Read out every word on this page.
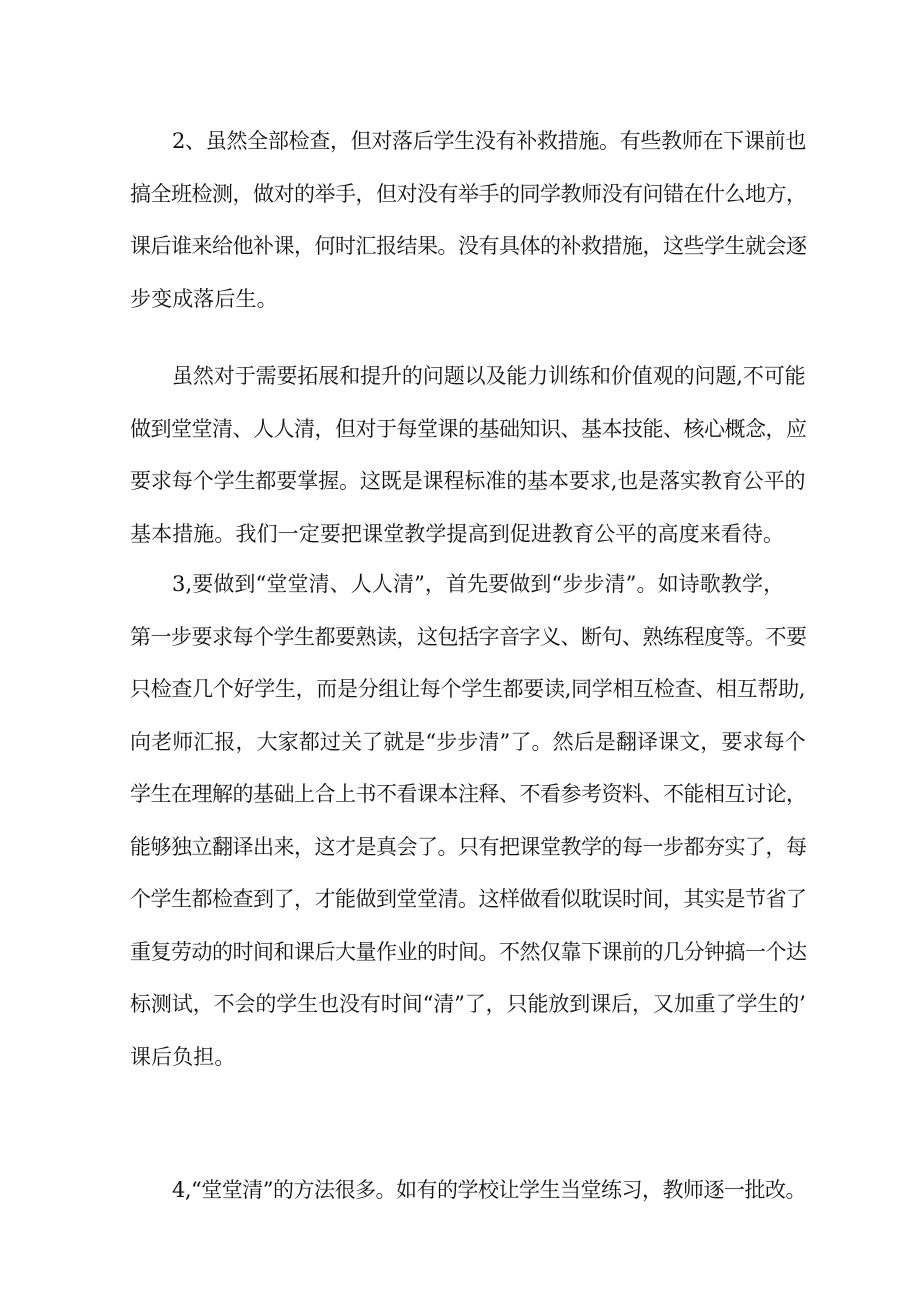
2、虽然全部检查，但对落后学生没有补救措施。有些教师在下课前也
搞全班检测，做对的举手，但对没有举手的同学教师没有问错在什么地方，
课后谁来给他补课，何时汇报结果。没有具体的补救措施，这些学生就会逐
步变成落后生。
虽然对于需要拓展和提升的问题以及能力训练和价值观的问题,不可能
做到堂堂清、人人清，但对于每堂课的基础知识、基本技能、核心概念，应
要求每个学生都要掌握。这既是课程标准的基本要求,也是落实教育公平的
基本措施。我们一定要把课堂教学提高到促进教育公平的高度来看待。
3,要做到“堂堂清、人人清”，首先要做到“步步清”。如诗歌教学，
第一步要求每个学生都要熟读，这包括字音字义、断句、熟练程度等。不要
只检查几个好学生，而是分组让每个学生都要读,同学相互检查、相互帮助,
向老师汇报，大家都过关了就是“步步清”了。然后是翻译课文，要求每个
学生在理解的基础上合上书不看课本注释、不看参考资料、不能相互讨论，
能够独立翻译出来，这才是真会了。只有把课堂教学的每一步都夯实了，每
个学生都检查到了，才能做到堂堂清。这样做看似耽误时间，其实是节省了
重复劳动的时间和课后大量作业的时间。不然仅靠下课前的几分钟搞一个达
标测试，不会的学生也没有时间“清”了，只能放到课后，又加重了学生的’
课后负担。
4,“堂堂清”的方法很多。如有的学校让学生当堂练习，教师逐一批改。
